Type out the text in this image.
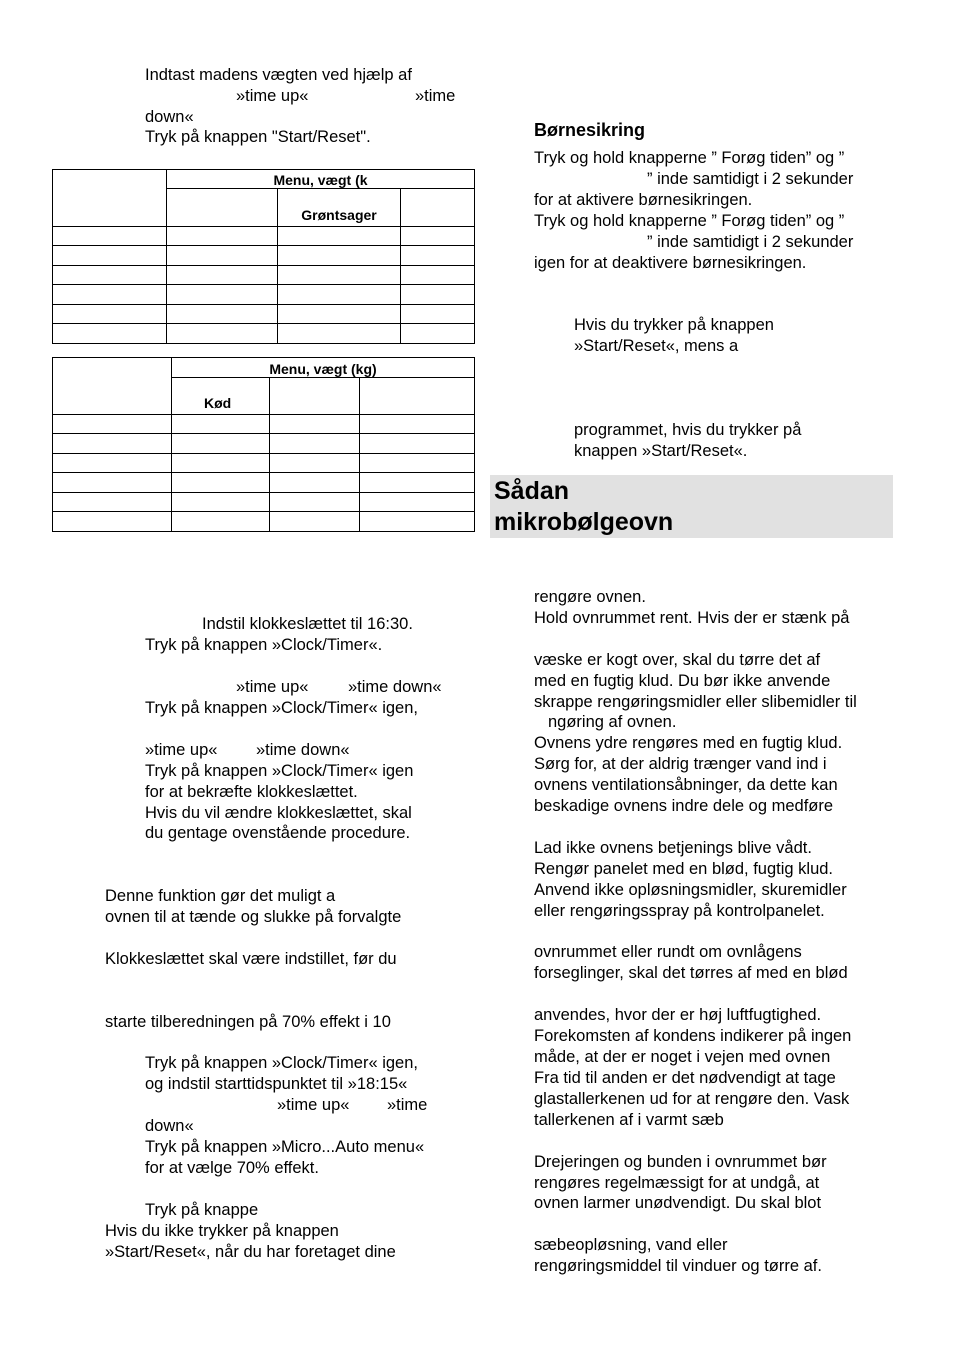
Indtast madens vægten ved hjælp af
»time up«	»time
down«
Tryk på knappen "Start/Reset".
	Menu, vægt (k		
		Grøntsager	

	Menu, vægt (kg)		
	Kød		

Indstil klokkeslættet til 16:30.
Tryk på knappen »Clock/Timer«.
»time up« »time down«
Tryk på knappen »Clock/Timer« igen,
»time up« »time down«
Tryk på knappen »Clock/Timer« igen
for at bekræfte klokkeslættet.
Hvis du vil ændre klokkeslættet, skal
du gentage ovenstående procedure.
Denne funktion gør det muligt a
ovnen til at tænde og slukke på forvalgte
Klokkeslættet skal være indstillet, før du
starte tilberedningen på 70% effekt i 10
Tryk på knappen »Clock/Timer« igen,
og indstil starttidspunktet til »18:15«
»time up« »time
down«
Tryk på knappen »Micro...Auto menu«
for at vælge 70% effekt.
Tryk på knappe
Hvis du ikke trykker på knappen
»Start/Reset«, når du har foretaget dine
Børnesikring
Tryk og hold knapperne ” Forøg tiden” og ”
” inde samtidigt i 2 sekunder
for at aktivere børnesikringen.
Tryk og hold knapperne ” Forøg tiden” og ”
” inde samtidigt i 2 sekunder
igen for at deaktivere børnesikringen.
Hvis du trykker på knappen
»Start/Reset«, mens a
programmet, hvis du trykker på
knappen »Start/Reset«.
Sådan
mikrobølgeovn
rengøre ovnen.
Hold ovnrummet rent. Hvis der er stænk på
væske er kogt over, skal du tørre det af
med en fugtig klud. Du bør ikke anvende
skrappe rengøringsmidler eller slibemidler til
ngøring af ovnen.
Ovnens ydre rengøres med en fugtig klud.
Sørg for, at der aldrig trænger vand ind i
ovnens ventilationsåbninger, da dette kan
beskadige ovnens indre dele og medføre
Lad ikke ovnens betjenings blive vådt.
Rengør panelet med en blød, fugtig klud.
Anvend ikke opløsningsmidler, skuremidler
eller rengøringsspray på kontrolpanelet.
ovnrummet eller rundt om ovnlågens
forseglinger, skal det tørres af med en blød
anvendes, hvor der er høj luftfugtighed.
Forekomsten af kondens indikerer på ingen
måde, at der er noget i vejen med ovnen
Fra tid til anden er det nødvendigt at tage
glastallerkenen ud for at rengøre den. Vask
tallerkenen af i varmt sæb
Drejeringen og bunden i ovnrummet bør
rengøres regelmæssigt for at undgå, at
ovnen larmer unødvendigt. Du skal blot
sæbeopløsning, vand eller
rengøringsmiddel til vinduer og tørre af.
